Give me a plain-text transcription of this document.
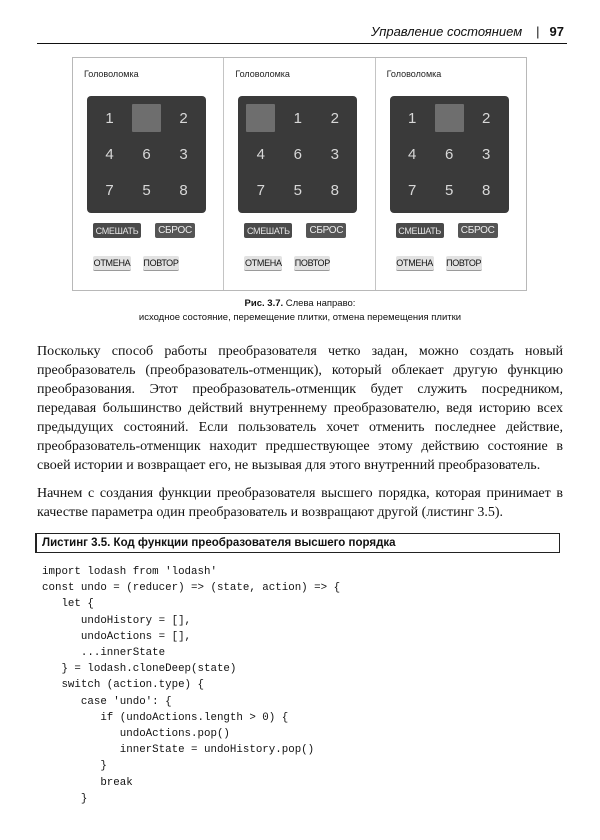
Управление состоянием | 97
Головоломка
1	2
4	6	3
7	5	8
СМЕШАТЬ	СБРОС
ОТМЕНА ПОВТОР
Головоломка
1	2
4	6	3
7	5	8
СМЕШАТЬ	СБРОС
ОТМЕНА ПОВТОР
Головоломка
1	2
4	6	3
7	5	8
СМЕШАТЬ	СБРОС
ОТМЕНА ПОВТОР
Рис. 3.7. Слева направо:
исходное состояние, перемещение плитки, отмена перемещения плитки

Поскольку способ работы преобразователя четко задан, можно создать новый преобразователь (преобразователь-отменщик), который облекает другую функцию преобразования. Этот преобразователь-отменщик будет служить посредником, передавая большинство действий внутреннему преобразователю, ведя историю всех предыдущих состояний. Если пользователь хочет отменить последнее действие, преобразователь-отменщик находит предшествующее этому действию состояние в своей истории и возвращает его, не вызывая для этого внутренний преобразователь.

Начнем с создания функции преобразователя высшего порядка, которая принимает в качестве параметра один преобразователь и возвращают другой (листинг 3.5).

Листинг 3.5. Код функции преобразователя высшего порядка
import lodash from 'lodash'
const undo = (reducer) => (state, action) => {
let {
undoHistory = [],
undoActions = [],
...innerState
} = lodash.cloneDeep(state)
switch (action.type) {
case 'undo': {
if (undoActions.length > 0) {
undoActions.pop()
innerState = undoHistory.pop()
}
break
}
